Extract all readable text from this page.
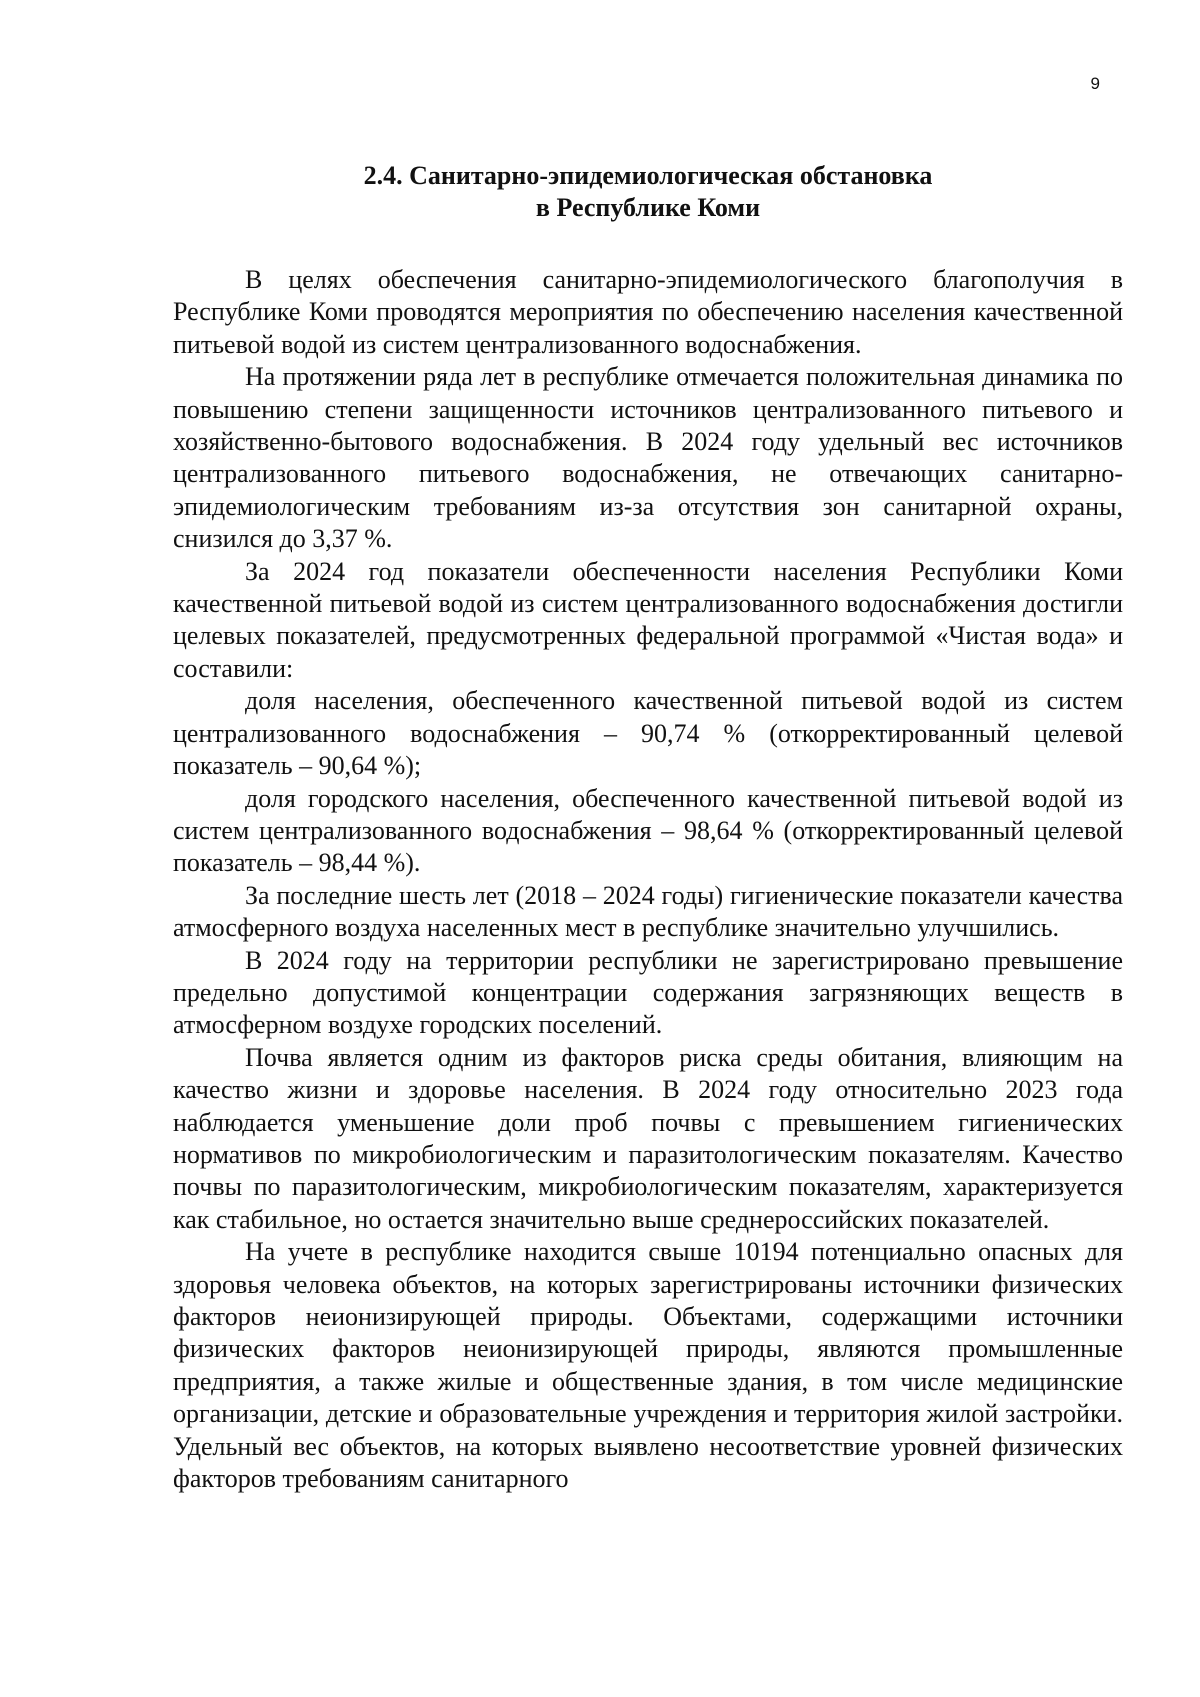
9
2.4. Санитарно-эпидемиологическая обстановка
в Республике Коми

В целях обеспечения санитарно-эпидемиологического благополучия в Республике Коми проводятся мероприятия по обеспечению населения качественной питьевой водой из систем централизованного водоснабжения.

На протяжении ряда лет в республике отмечается положительная динамика по повышению степени защищенности источников централизованного питьевого и хозяйственно-бытового водоснабжения. В 2024 году удельный вес источников централизованного питьевого водоснабжения, не отвечающих санитарно-эпидемиологическим требованиям из-за отсутствия зон санитарной охраны, снизился до 3,37 %.

За 2024 год показатели обеспеченности населения Республики Коми качественной питьевой водой из систем централизованного водоснабжения достигли целевых показателей, предусмотренных федеральной программой «Чистая вода» и составили:

доля населения, обеспеченного качественной питьевой водой из систем централизованного водоснабжения – 90,74 % (откорректированный целевой показатель – 90,64 %);

доля городского населения, обеспеченного качественной питьевой водой из систем централизованного водоснабжения – 98,64 % (откорректированный целевой показатель – 98,44 %).

За последние шесть лет (2018 – 2024 годы) гигиенические показатели качества атмосферного воздуха населенных мест в республике значительно улучшились.

В 2024 году на территории республики не зарегистрировано превышение предельно допустимой концентрации содержания загрязняющих веществ в атмосферном воздухе городских поселений.

Почва является одним из факторов риска среды обитания, влияющим на качество жизни и здоровье населения. В 2024 году относительно 2023 года наблюдается уменьшение доли проб почвы с превышением гигиенических нормативов по микробиологическим и паразитологическим показателям. Качество почвы по паразитологическим, микробиологическим показателям, характеризуется как стабильное, но остается значительно выше среднероссийских показателей.

На учете в республике находится свыше 10194 потенциально опасных для здоровья человека объектов, на которых зарегистрированы источники физических факторов неионизирующей природы. Объектами, содержащими источники физических факторов неионизирующей природы, являются промышленные предприятия, а также жилые и общественные здания, в том числе медицинские организации, детские и образовательные учреждения и территория жилой застройки. Удельный вес объектов, на которых выявлено несоответствие уровней физических факторов требованиям санитарного
